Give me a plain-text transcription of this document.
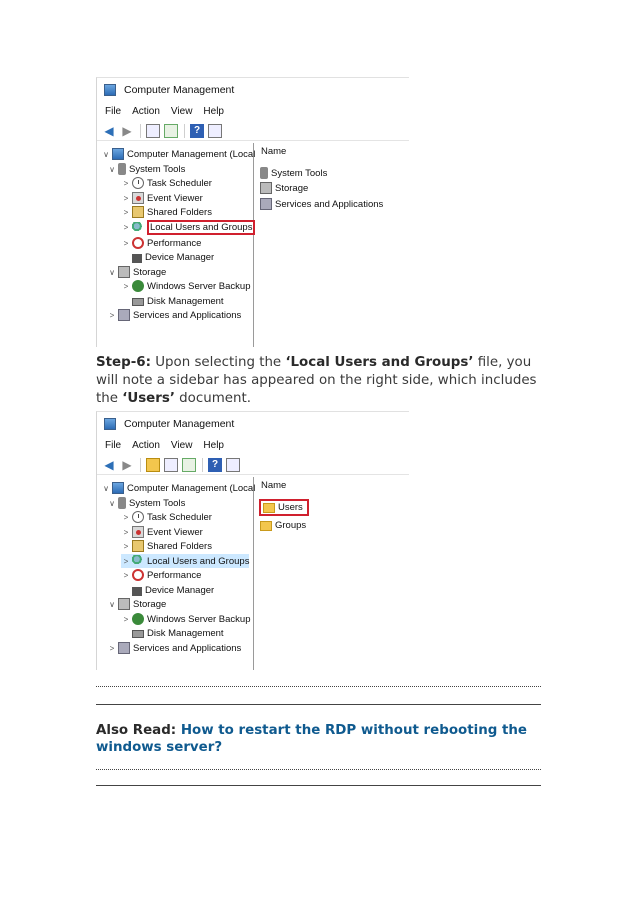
Computer Management
File Action View Help
◀ ▶	?
∨ Computer Management (Local
∨ System Tools
> Task Scheduler
> Event Viewer
> Shared Folders
>	Local Users and Groups
> Performance
Device Manager
∨ Storage
> Windows Server Backup
Disk Management
> Services and Applications
Name
System Tools
Storage
Services and Applications
Step-6: Upon selecting the ‘Local Users and Groups’ file, you will note a sidebar has appeared on the right side, which includes the ‘Users’ document.
Computer Management
File Action View Help
◀ ▶	?
∨ Computer Management (Local
∨ System Tools
> Task Scheduler
> Event Viewer
> Shared Folders
> Local Users and Groups
> Performance
Device Manager
∨ Storage
> Windows Server Backup
Disk Management
> Services and Applications
Name
Users
Groups
Also Read: How to restart the RDP without rebooting the windows server?
